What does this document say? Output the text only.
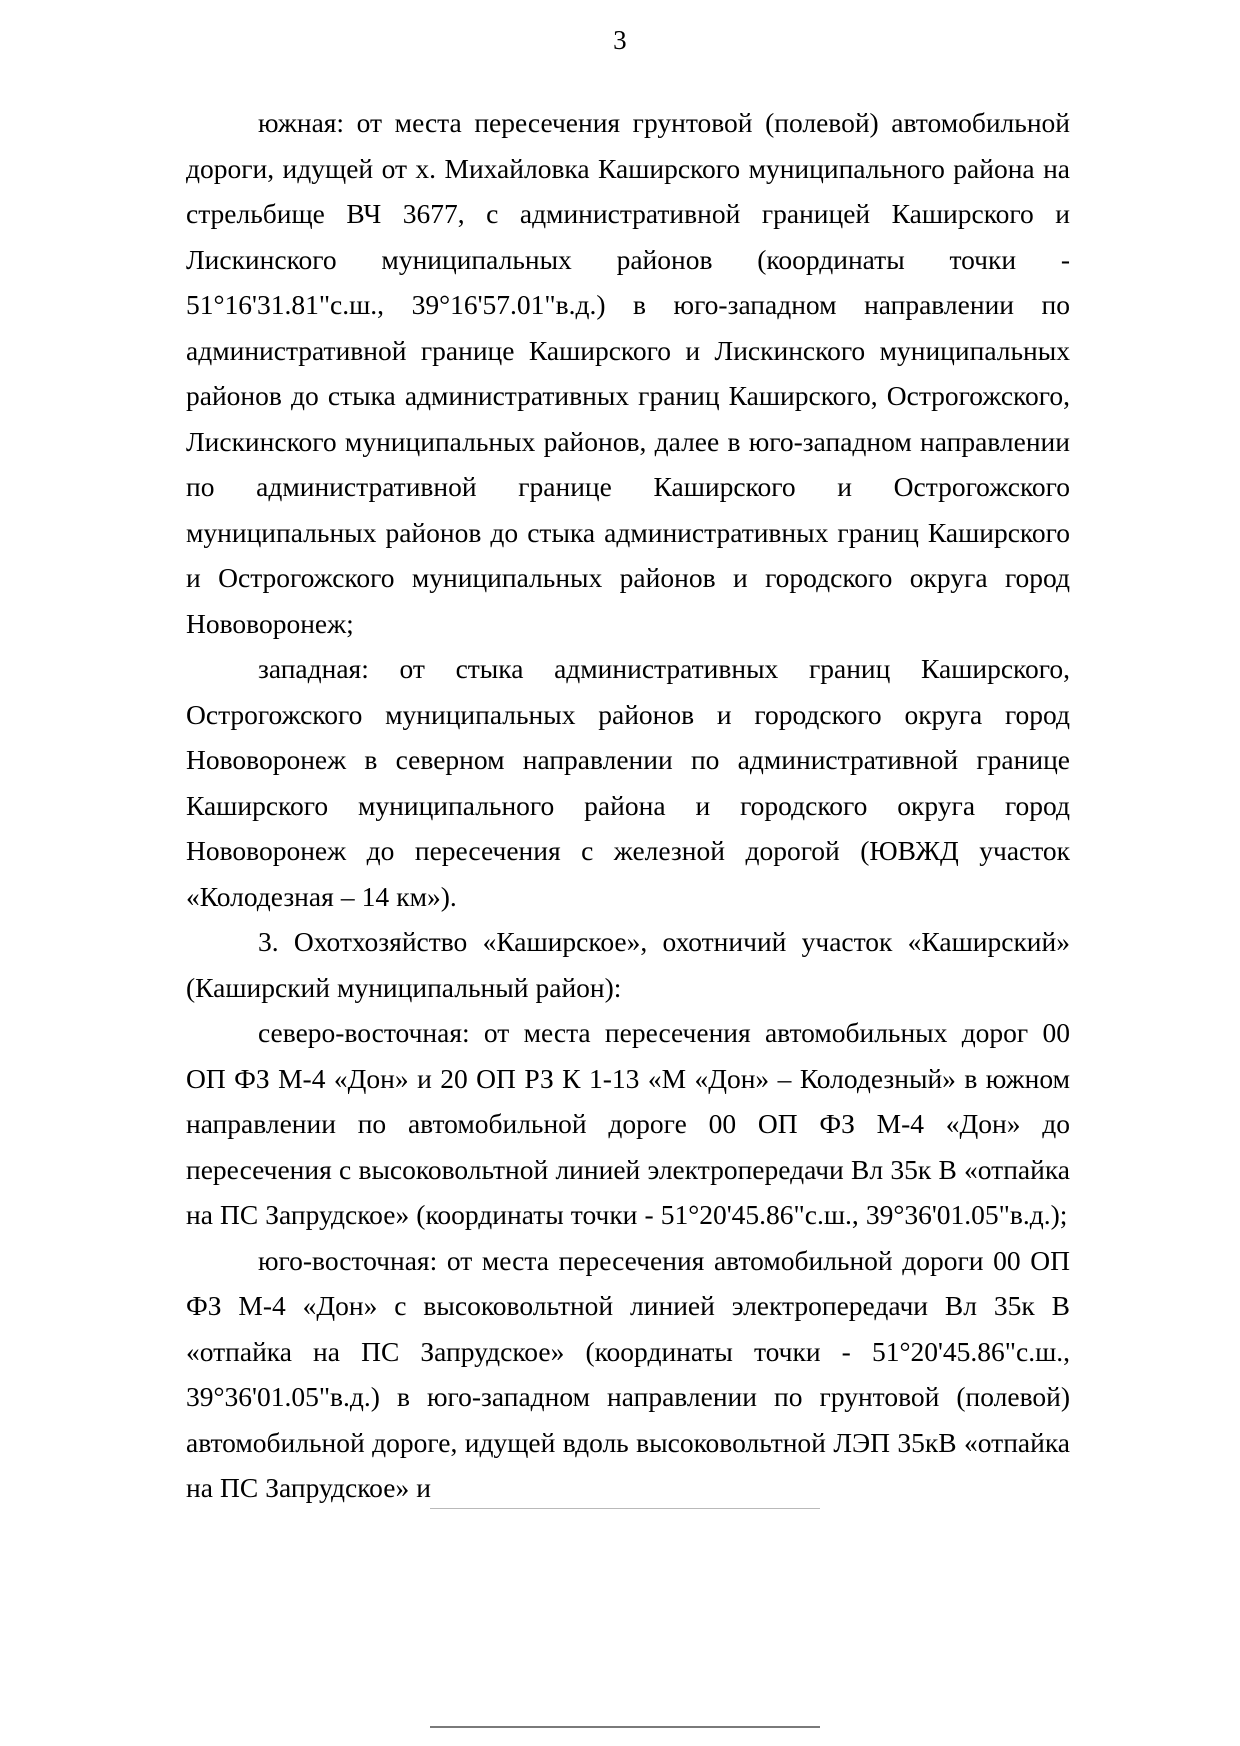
3

южная: от места пересечения грунтовой (полевой) автомобильной дороги, идущей от х. Михайловка Каширского муниципального района на стрельбище ВЧ 3677, с административной границей Каширского и Лискинского муниципальных районов (координаты точки - 51°16'31.81"с.ш., 39°16'57.01"в.д.) в юго-западном направлении по административной границе Каширского и Лискинского муниципальных районов до стыка административных границ Каширского, Острогожского, Лискинского муниципальных районов, далее в юго-западном направлении по административной границе Каширского и Острогожского муниципальных районов до стыка административных границ Каширского и Острогожского муниципальных районов и городского округа город Нововоронеж;

западная: от стыка административных границ Каширского, Острогожского муниципальных районов и городского округа город Нововоронеж в северном направлении по административной границе Каширского муниципального района и городского округа город Нововоронеж до пересечения с железной дорогой (ЮВЖД участок «Колодезная – 14 км»).

3. Охотхозяйство «Каширское», охотничий участок «Каширский» (Каширский муниципальный район):

северо-восточная: от места пересечения автомобильных дорог 00 ОП ФЗ М-4 «Дон» и 20 ОП РЗ К 1-13 «М «Дон» – Колодезный» в южном направлении по автомобильной дороге 00 ОП ФЗ М-4 «Дон» до пересечения с высоковольтной линией электропередачи Вл 35к В «отпайка на ПС Запрудское» (координаты точки - 51°20'45.86"с.ш., 39°36'01.05"в.д.);

юго-восточная: от места пересечения автомобильной дороги 00 ОП ФЗ М-4 «Дон» с высоковольтной линией электропередачи Вл 35к В «отпайка на ПС Запрудское» (координаты точки - 51°20'45.86"с.ш., 39°36'01.05"в.д.) в юго-западном направлении по грунтовой (полевой) автомобильной дороге, идущей вдоль высоковольтной ЛЭП 35кВ «отпайка на ПС Запрудское» и
